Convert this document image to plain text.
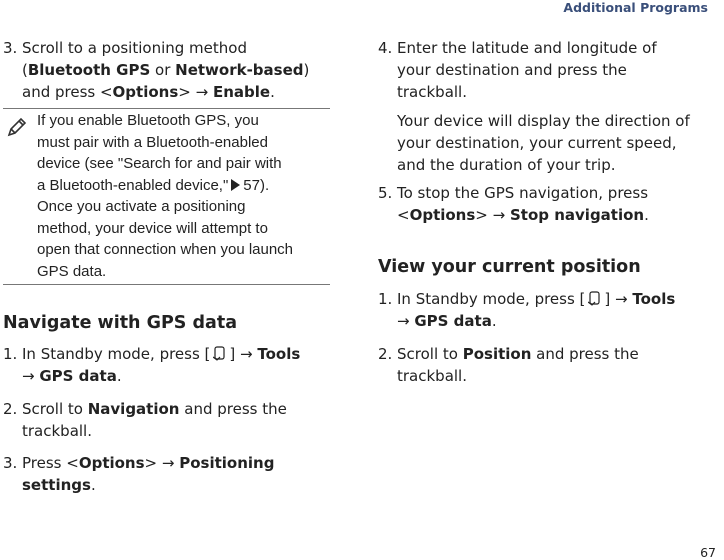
Additional Programs
3. Scroll to a positioning method (Bluetooth GPS or Network-based) and press <Options> → Enable.
If you enable Bluetooth GPS, you
must pair with a Bluetooth-enabled
device (see "Search for and pair with
a Bluetooth-enabled device," 57).
Once you activate a positioning
method, your device will attempt to
open that connection when you launch
GPS data.
Navigate with GPS data
1. In Standby mode, press [ ] → Tools
→ GPS data.
2. Scroll to Navigation and press the
trackball.
3. Press <Options> → Positioning
settings.
4. Enter the latitude and longitude of
your destination and press the
trackball.
Your device will display the direction of
your destination, your current speed,
and the duration of your trip.
5. To stop the GPS navigation, press
<Options> → Stop navigation.
View your current position
1. In Standby mode, press [ ] → Tools
→ GPS data.
2. Scroll to Position and press the
trackball.
67
